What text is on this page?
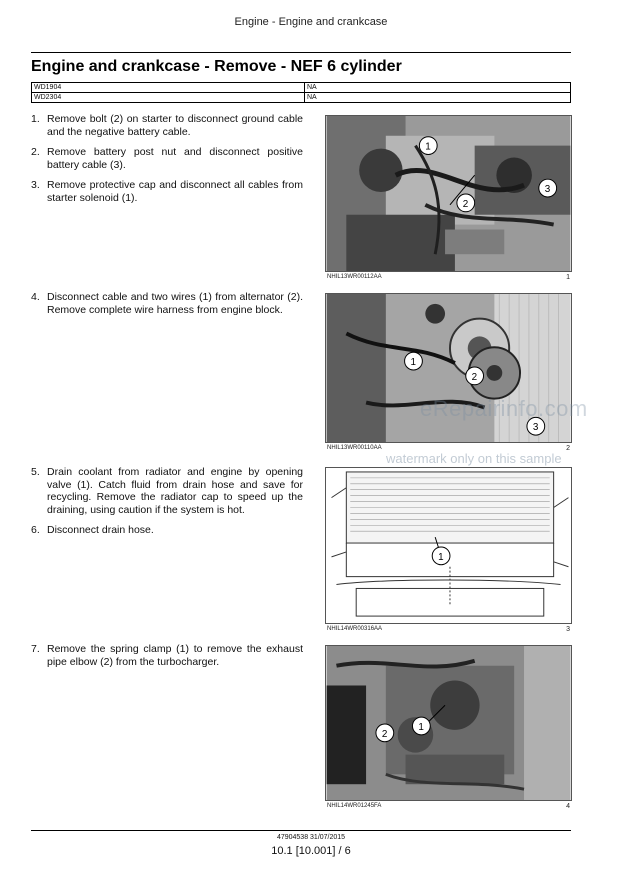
Engine - Engine and crankcase
Engine and crankcase - Remove - NEF 6 cylinder
WD1904	NA
WD2304	NA
1. Remove bolt (2) on starter to disconnect ground cable and the negative battery cable.
2. Remove battery post nut and disconnect positive battery cable (3).
3. Remove protective cap and disconnect all cables from starter solenoid (1).
4. Disconnect cable and two wires (1) from alternator (2). Remove complete wire harness from engine block.
5. Drain coolant from radiator and engine by opening valve (1). Catch fluid from drain hose and save for recycling. Remove the radiator cap to speed up the draining, using caution if the system is hot.
6. Disconnect drain hose.
7. Remove the spring clamp (1) to remove the exhaust pipe elbow (2) from the turbocharger.
1
2
3
NHIL13WR00112AA	1
1
2
3
NHIL13WR00110AA	2
1
NHIL14WR00316AA	3
1
2
NHIL14WR01245FA	4
eRepairinfo.com
watermark only on this sample
47904538 31/07/2015
10.1 [10.001] / 6
